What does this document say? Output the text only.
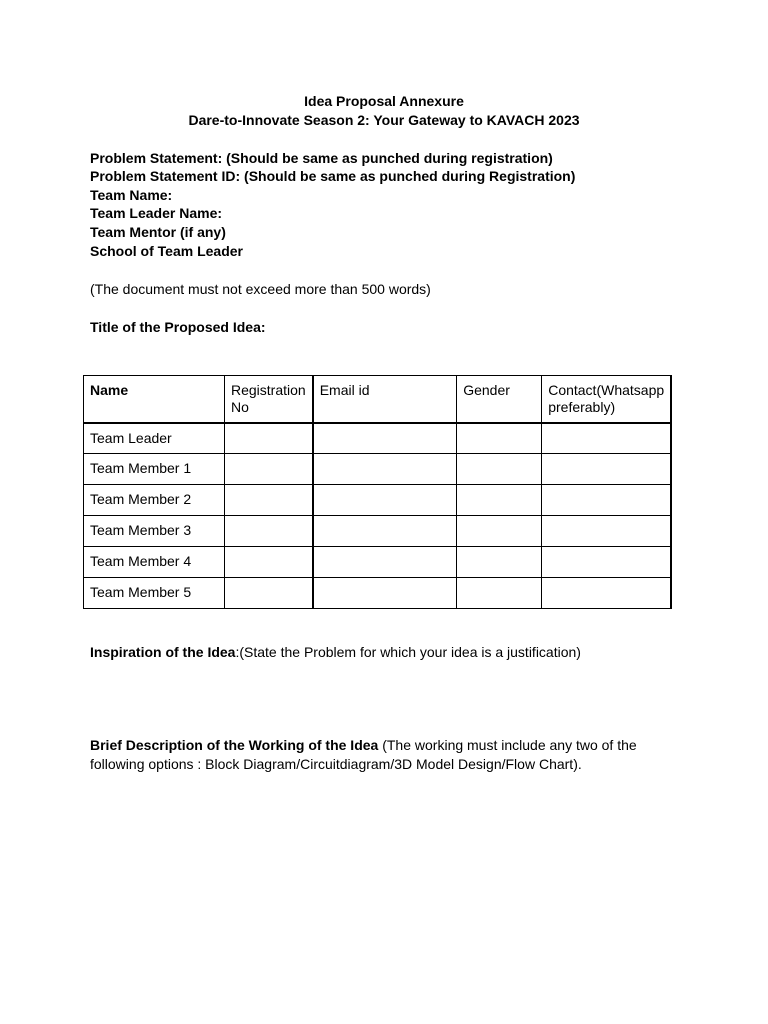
Idea Proposal Annexure
Dare-to-Innovate Season 2: Your Gateway to KAVACH 2023
Problem Statement: (Should be same as punched during registration)
Problem Statement ID: (Should be same as punched during Registration)
Team Name:
Team Leader Name:
Team Mentor (if any)
School of Team Leader
(The document must not exceed more than 500 words)
Title of the Proposed Idea:
Name	Registration No	Email id	Gender	Contact(Whatsapp preferably)
Team Leader				
Team Member 1				
Team Member 2				
Team Member 3				
Team Member 4				
Team Member 5				
Inspiration of the Idea:(State the Problem for which your idea is a justification)
Brief Description of the Working of the Idea (The working must include any two of the following options : Block Diagram/Circuitdiagram/3D Model Design/Flow Chart).
